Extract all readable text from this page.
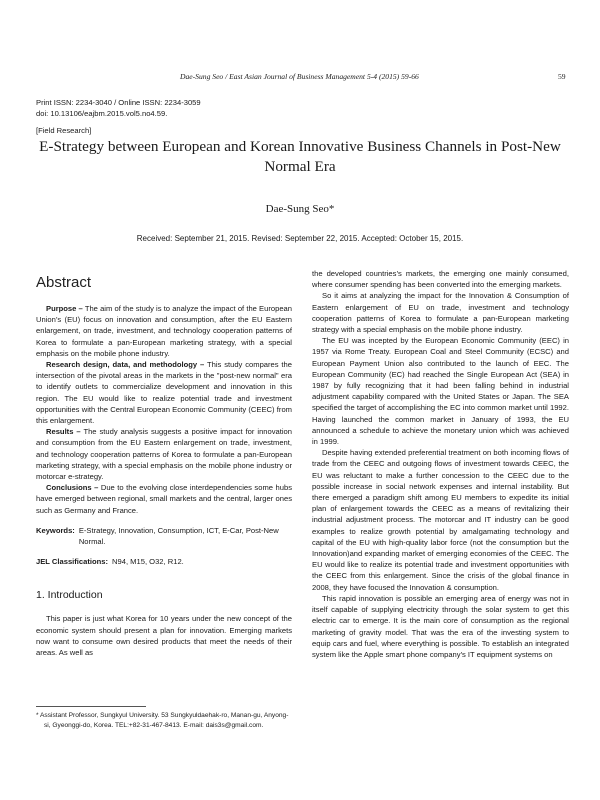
Dae-Sung Seo / East Asian Journal of Business Management 5-4 (2015) 59-66	59
Print ISSN: 2234-3040 / Online ISSN: 2234-3059
doi: 10.13106/eajbm.2015.vol5.no4.59.
[Field Research]
E-Strategy between European and Korean Innovative Business Channels in Post-New Normal Era
Dae-Sung Seo*
Received: September 21, 2015. Revised: September 22, 2015. Accepted: October 15, 2015.
Abstract

Purpose – The aim of the study is to analyze the impact of the European Union’s (EU) focus on innovation and consumption, after the EU Eastern enlargement, on trade, investment, and technology cooperation patterns of Korea to formulate a pan-European marketing strategy, with a special emphasis on the mobile phone industry.

Research design, data, and methodology – This study compares the intersection of the pivotal areas in the markets in the "post-new normal" era to identify outlets to commercialize development and innovation in this region. The EU would like to realize potential trade and investment opportunities with the Central European Economic Community (CEEC) from this enlargement.

Results – The study analysis suggests a positive impact for innovation and consumption from the EU Eastern enlargement on trade, investment, and technology cooperation patterns of Korea to formulate a pan-European marketing strategy, with a special emphasis on the mobile phone industry or motorcar e-strategy.

Conclusions – Due to the evolving close interdependencies some hubs have emerged between regional, small markets and the central, larger ones such as Germany and France.

Keywords: E-Strategy, Innovation, Consumption, ICT, E-Car, Post-New Normal.
JEL Classifications: N94, M15, O32, R12.
1. Introduction

This paper is just what Korea for 10 years under the new concept of the economic system should present a plan for innovation. Emerging markets now want to consume own desired products that meet the needs of their areas. As well as

* Assistant Professor, Sungkyul University. 53 Sungkyuldaehak-ro, Manan-gu, Anyong-si, Gyeonggi-do, Korea. TEL:+82-31-467-8413. E-mail: dais3s@gmail.com.

the developed countries’s markets, the emerging one mainly consumed, where consumer spending has been converted into the emerging markets.

So it aims at analyzing the impact for the Innovation & Consumption of Eastern enlargement of EU on trade, investment and technology cooperation patterns of Korea to formulate a pan-European marketing strategy with a special emphasis on the mobile phone industry.

The EU was incepted by the European Economic Community (EEC) in 1957 via Rome Treaty. European Coal and Steel Community (ECSC) and European Payment Union also contributed to the launch of EEC. The European Community (EC) had reached the Single European Act (SEA) in 1987 by fully recognizing that it had been falling behind in industrial adjustment capability compared with the United States or Japan. The SEA specified the target of accomplishing the EC into common market until 1992. Having launched the common market in January of 1993, the EU announced a schedule to achieve the monetary union which was achieved in 1999.

Despite having extended preferential treatment on both incoming flows of trade from the CEEC and outgoing flows of investment towards CEEC, the EU was reluctant to make a further concession to the CEEC due to the possible increase in social network expenses and internal instability. But there emerged a paradigm shift among EU members to expedite its initial plan of enlargement towards the CEEC as a means of revitalizing their industrial adjustment process. The motorcar and IT industry can be good examples to realize growth potential by amalgamating technology and capital of the EU with high-quality labor force (not the consumption but the Innovation)and expanding market of emerging economies of the CEEC. The EU would like to realize its potential trade and investment opportunities with the CEEC from this enlargement. Since the crisis of the global finance in 2008, they have focused the Innovation & consumption.

This rapid innovation is possible an emerging area of energy was not in itself capable of supplying electricity through the solar system to get this electric car to emerge. It is the main core of consumption as the regional marketing of gravity model. That was the era of the investing system to equip cars and fuel, where everything is possible. To establish an integrated system like the Apple smart phone company's IT equipment systems on
